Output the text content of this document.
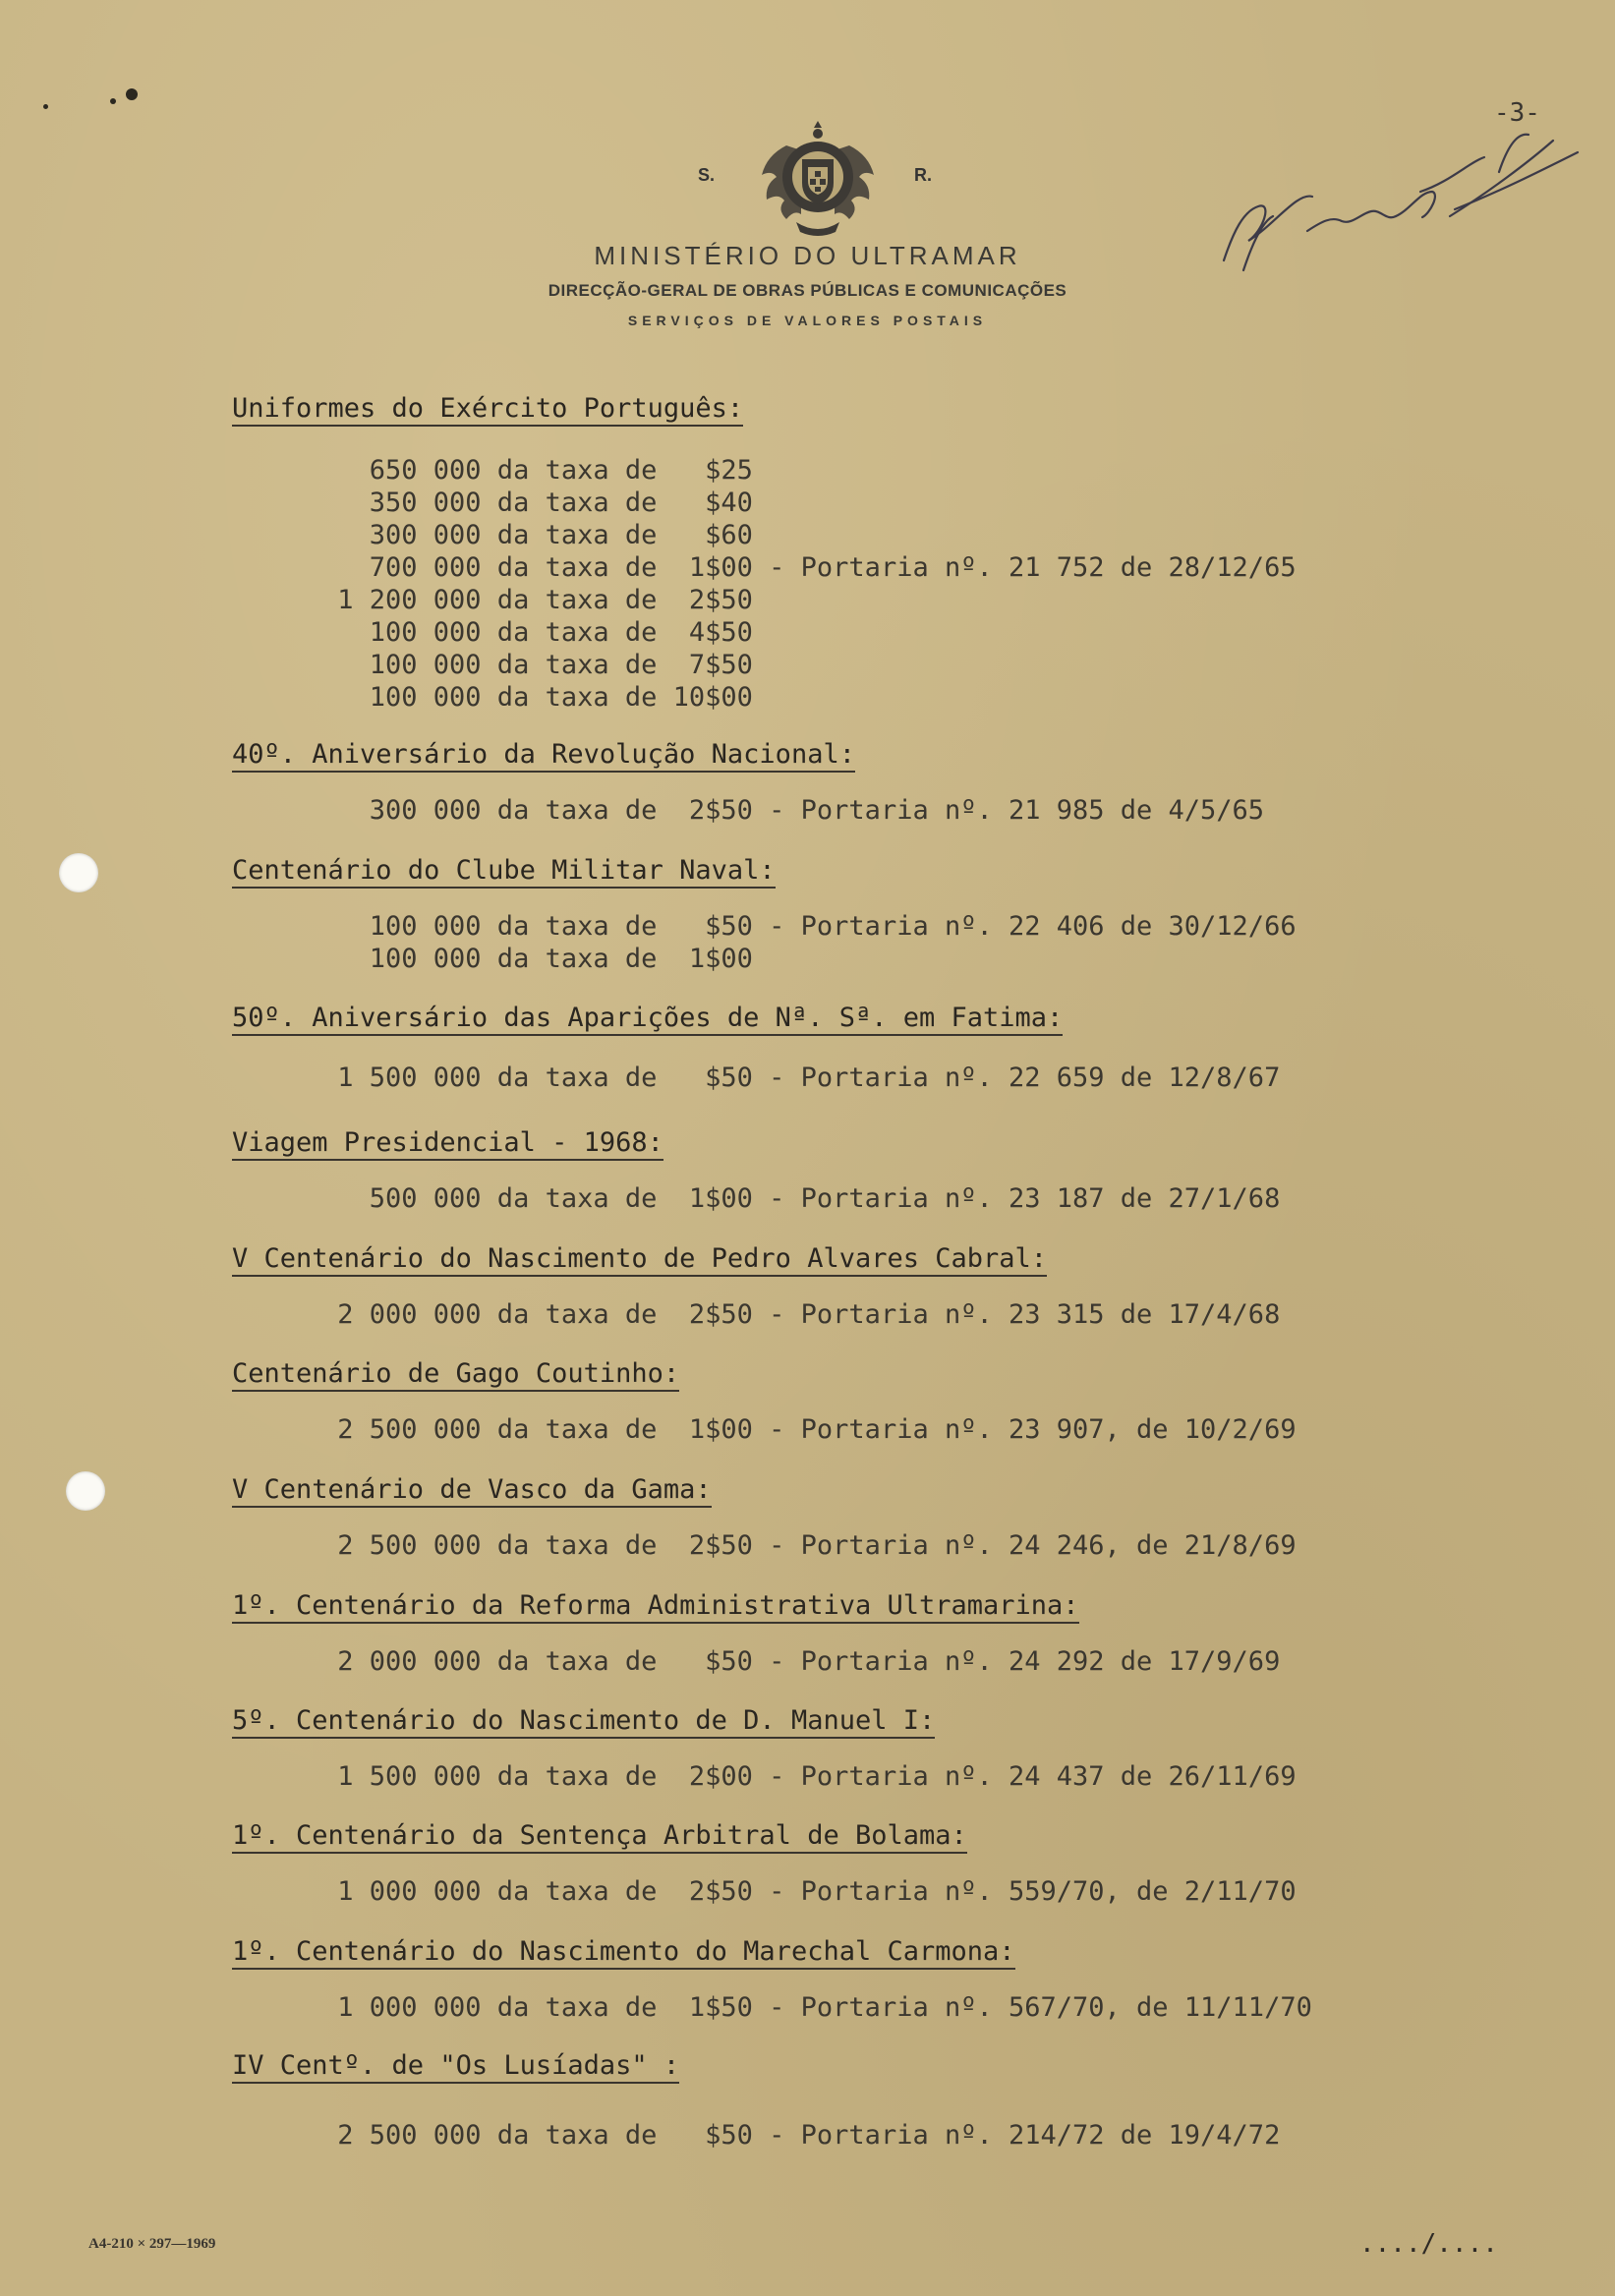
-3-
S.	R.
MINISTÉRIO DO ULTRAMAR
DIRECÇÃO-GERAL DE OBRAS PÚBLICAS E COMUNICAÇÕES
SERVIÇOS DE VALORES POSTAIS
Uniformes do Exército Português:
650 000 da taxa de   $25
350 000 da taxa de   $40
300 000 da taxa de   $60
700 000 da taxa de  1$00 - Portaria nº. 21 752 de 28/12/65
1 200 000 da taxa de  2$50
100 000 da taxa de  4$50
100 000 da taxa de  7$50
100 000 da taxa de 10$00
40º. Aniversário da Revolução Nacional:
300 000 da taxa de  2$50 - Portaria nº. 21 985 de 4/5/65
Centenário do Clube Militar Naval:
100 000 da taxa de   $50 - Portaria nº. 22 406 de 30/12/66
100 000 da taxa de  1$00
50º. Aniversário das Aparições de Nª. Sª. em Fatima:
1 500 000 da taxa de   $50 - Portaria nº. 22 659 de 12/8/67
Viagem Presidencial - 1968:
500 000 da taxa de  1$00 - Portaria nº. 23 187 de 27/1/68
V Centenário do Nascimento de Pedro Alvares Cabral:
2 000 000 da taxa de  2$50 - Portaria nº. 23 315 de 17/4/68
Centenário de Gago Coutinho:
2 500 000 da taxa de  1$00 - Portaria nº. 23 907, de 10/2/69
V Centenário de Vasco da Gama:
2 500 000 da taxa de  2$50 - Portaria nº. 24 246, de 21/8/69
1º. Centenário da Reforma Administrativa Ultramarina:
2 000 000 da taxa de   $50 - Portaria nº. 24 292 de 17/9/69
5º. Centenário do Nascimento de D. Manuel I:
1 500 000 da taxa de  2$00 - Portaria nº. 24 437 de 26/11/69
1º. Centenário da Sentença Arbitral de Bolama:
1 000 000 da taxa de  2$50 - Portaria nº. 559/70, de 2/11/70
1º. Centenário do Nascimento do Marechal Carmona:
1 000 000 da taxa de  1$50 - Portaria nº. 567/70, de 11/11/70
IV Centº. de "Os Lusíadas" :
2 500 000 da taxa de   $50 - Portaria nº. 214/72 de 19/4/72
A4-210 × 297—1969	..../....
